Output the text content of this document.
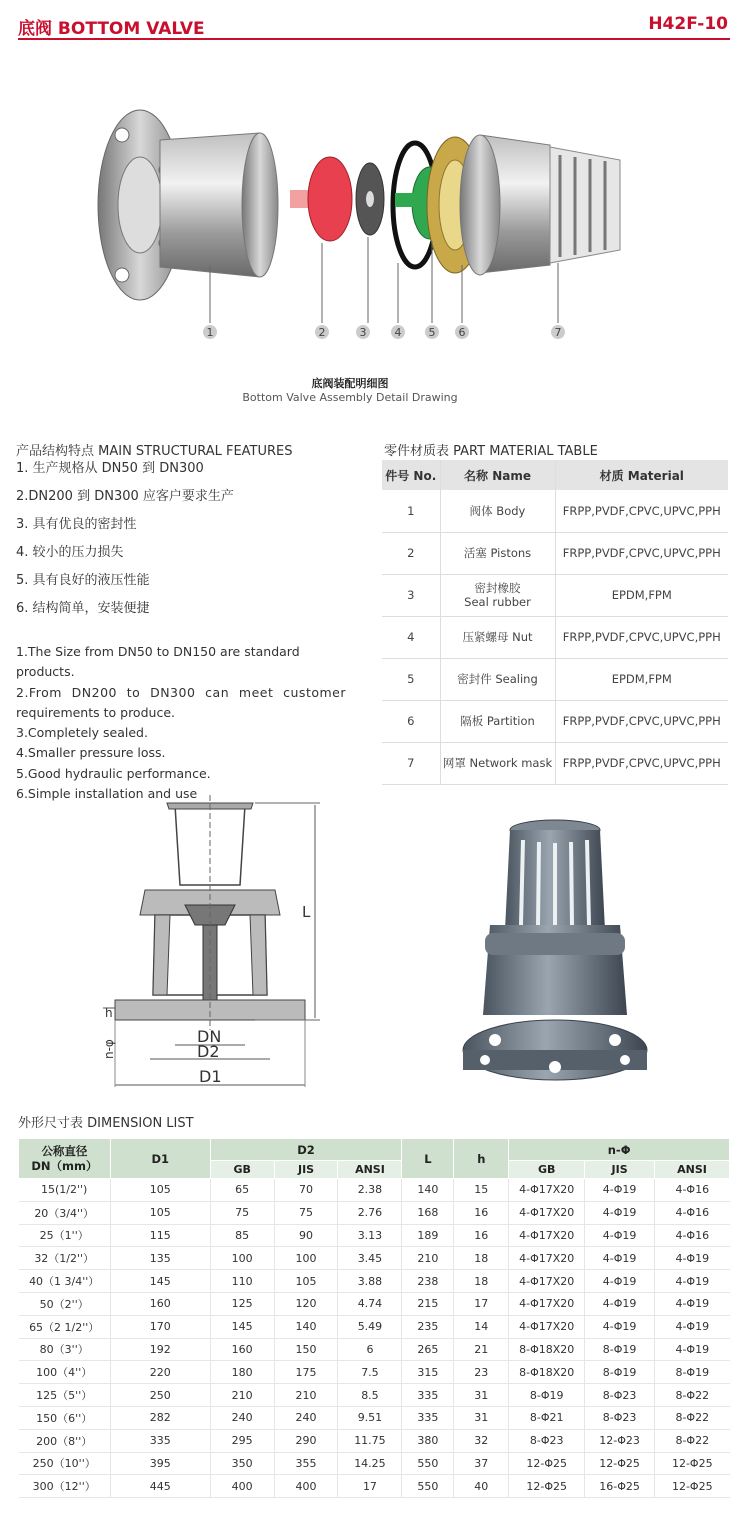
底阀 BOTTOM VALVE	H42F-10
1	2	3	4 5 6	7
底阀装配明细图
Bottom Valve Assembly Detail Drawing
产品结构特点 MAIN STRUCTURAL FEATURES
1. 生产规格从 DN50 到 DN300
2.DN200 到 DN300 应客户要求生产
3. 具有优良的密封性
4. 较小的压力损失
5. 具有良好的液压性能
6. 结构简单，安装便捷
1.The Size from DN50 to DN150 are standard products.
2.From DN200 to DN300 can meet customer
requirements to produce.
3.Completely sealed.
4.Smaller pressure loss.
5.Good hydraulic performance.
6.Simple installation and use
零件材质表 PART MATERIAL TABLE
件号 No.	名称 Name	材质 Material
1	阀体 Body	FRPP,PVDF,CPVC,UPVC,PPH
2	活塞 Pistons	FRPP,PVDF,CPVC,UPVC,PPH
3	密封橡胶
Seal rubber	EPDM,FPM
4	压紧螺母 Nut	FRPP,PVDF,CPVC,UPVC,PPH
5	密封件 Sealing	EPDM,FPM
6	隔板 Partition	FRPP,PVDF,CPVC,UPVC,PPH
7	网罩 Network mask	FRPP,PVDF,CPVC,UPVC,PPH
L
h
DN
D2
D1
n-φ
外形尺寸表 DIMENSION LIST
公称直径
DN（mm）	D1	D2			L	h	n-Φ		
		GB	JIS	ANSI			GB	JIS	ANSI
15(1/2'')	105	65	70	2.38	140	15	4-Φ17X20	4-Φ19	4-Φ16
20（3/4''）	105	75	75	2.76	168	16	4-Φ17X20	4-Φ19	4-Φ16
25（1''）	115	85	90	3.13	189	16	4-Φ17X20	4-Φ19	4-Φ16
32（1/2''）	135	100	100	3.45	210	18	4-Φ17X20	4-Φ19	4-Φ19
40（1 3/4''）	145	110	105	3.88	238	18	4-Φ17X20	4-Φ19	4-Φ19
50（2''）	160	125	120	4.74	215	17	4-Φ17X20	4-Φ19	4-Φ19
65（2 1/2''）	170	145	140	5.49	235	14	4-Φ17X20	4-Φ19	4-Φ19
80（3''）	192	160	150	6	265	21	8-Φ18X20	8-Φ19	4-Φ19
100（4''）	220	180	175	7.5	315	23	8-Φ18X20	8-Φ19	8-Φ19
125（5''）	250	210	210	8.5	335	31	8-Φ19	8-Φ23	8-Φ22
150（6''）	282	240	240	9.51	335	31	8-Φ21	8-Φ23	8-Φ22
200（8''）	335	295	290	11.75	380	32	8-Φ23	12-Φ23	8-Φ22
250（10''）	395	350	355	14.25	550	37	12-Φ25	12-Φ25	12-Φ25
300（12''）	445	400	400	17	550	40	12-Φ25	16-Φ25	12-Φ25
